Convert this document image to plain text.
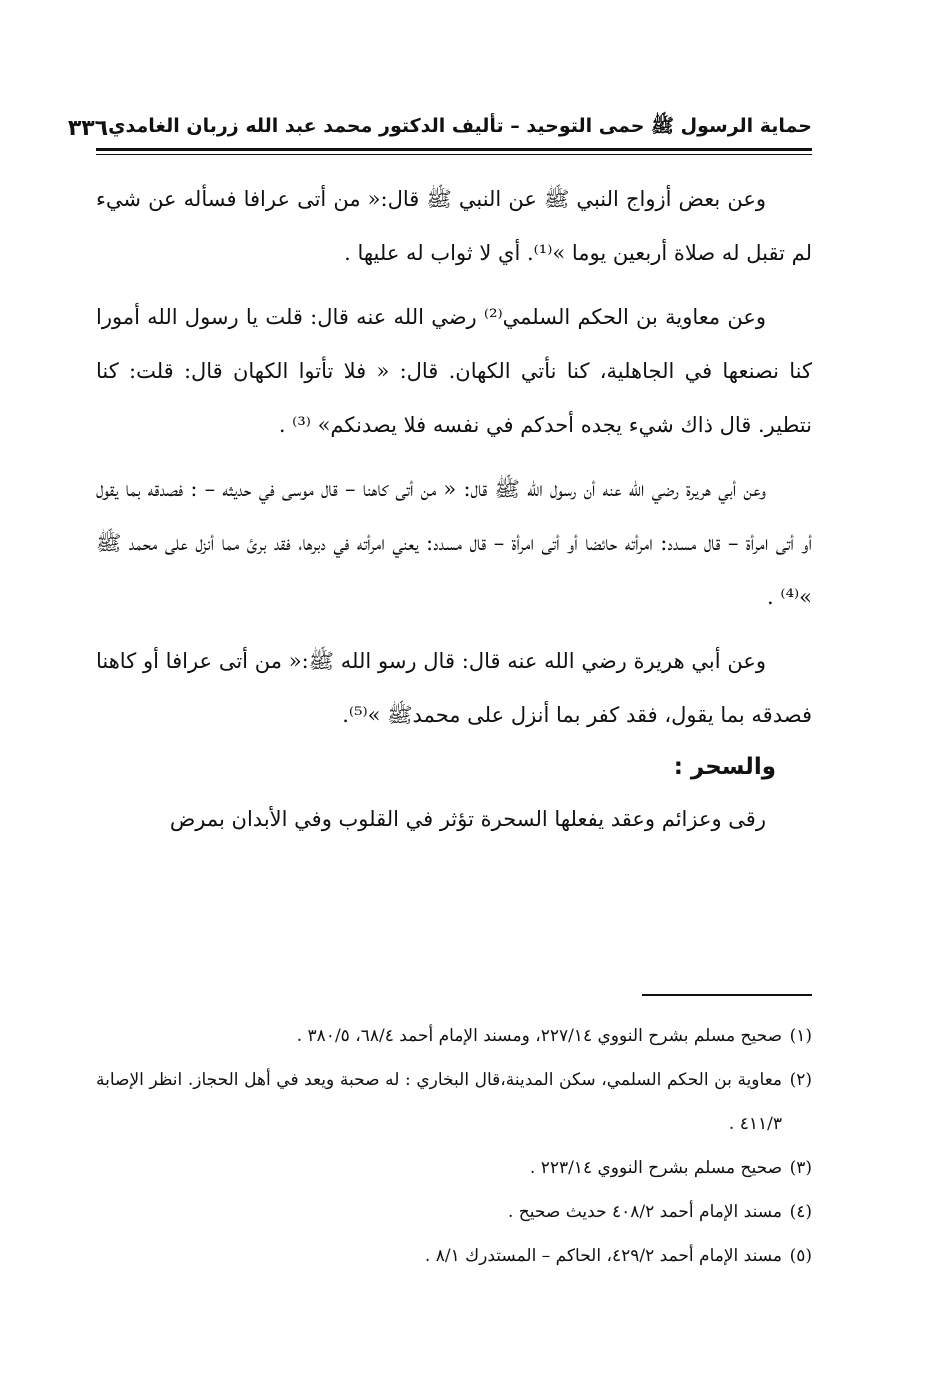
حماية الرسول ﷺ حمى التوحيد – تأليف الدكتور محمد عبد الله زربان الغامدي
٣٣٦

وعن بعض أزواج النبي ﷺ عن النبي ﷺ قال:« من أتى عرافا فسأله عن شيء لم تقبل له صلاة أربعين يوما »⁽¹⁾. أي لا ثواب له عليها .

وعن معاوية بن الحكم السلمي⁽²⁾ رضي الله عنه قال: قلت يا رسول الله أمورا كنا نصنعها في الجاهلية، كنا نأتي الكهان. قال: « فلا تأتوا الكهان قال: قلت: كنا نتطير. قال ذاك شيء يجده أحدكم في نفسه فلا يصدنكم» ⁽³⁾ .

وعن أبي هريرة رضي الله عنه أن رسول الله ﷺ قال: « من أتى كاهنا – قال موسى في حديثه – : فصدقه بما يقول أو أتى امرأة – قال مسدد: امرأته حائضا أو أتى امرأة – قال مسدد: يعني امرأته في دبرها، فقد برئ مما أنزل على محمد ﷺ »⁽⁴⁾ .

وعن أبي هريرة رضي الله عنه قال: قال رسو الله ﷺ:« من أتى عرافا أو كاهنا فصدقه بما يقول، فقد كفر بما أنزل على محمدﷺ »⁽⁵⁾.

والسحر :

رقى وعزائم وعقد يفعلها السحرة تؤثر في القلوب وفي الأبدان بمرض

(١)صحيح مسلم بشرح النووي ٢٢٧/١٤، ومسند الإمام أحمد ٦٨/٤، ٣٨٠/٥ .
(٢)معاوية بن الحكم السلمي، سكن المدينة،قال البخاري : له صحبة ويعد في أهل الحجاز. انظر الإصابة ٤١١/٣ .
(٣)صحيح مسلم بشرح النووي ٢٢٣/١٤ .
(٤)مسند الإمام أحمد ٤٠٨/٢ حديث صحيح .
(٥)مسند الإمام أحمد ٤٢٩/٢، الحاكم – المستدرك ٨/١ .
